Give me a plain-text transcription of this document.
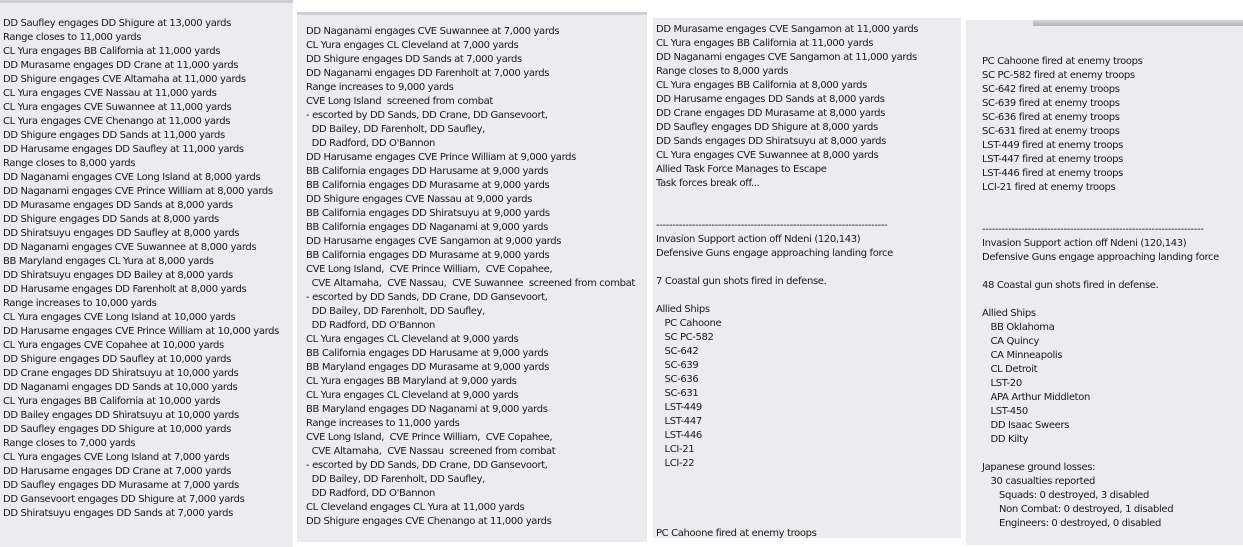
DD Saufley engages DD Shigure at 13,000 yards
Range closes to 11,000 yards
CL Yura engages BB California at 11,000 yards
DD Murasame engages DD Crane at 11,000 yards
DD Shigure engages CVE Altamaha at 11,000 yards
CL Yura engages CVE Nassau at 11,000 yards
CL Yura engages CVE Suwannee at 11,000 yards
CL Yura engages CVE Chenango at 11,000 yards
DD Shigure engages DD Sands at 11,000 yards
DD Harusame engages DD Saufley at 11,000 yards
Range closes to 8,000 yards
DD Naganami engages CVE Long Island at 8,000 yards
DD Naganami engages CVE Prince William at 8,000 yards
DD Murasame engages DD Sands at 8,000 yards
DD Shigure engages DD Sands at 8,000 yards
DD Shiratsuyu engages DD Saufley at 8,000 yards
DD Naganami engages CVE Suwannee at 8,000 yards
BB Maryland engages CL Yura at 8,000 yards
DD Shiratsuyu engages DD Bailey at 8,000 yards
DD Harusame engages DD Farenholt at 8,000 yards
Range increases to 10,000 yards
CL Yura engages CVE Long Island at 10,000 yards
DD Harusame engages CVE Prince William at 10,000 yards
CL Yura engages CVE Copahee at 10,000 yards
DD Shigure engages DD Saufley at 10,000 yards
DD Crane engages DD Shiratsuyu at 10,000 yards
DD Naganami engages DD Sands at 10,000 yards
CL Yura engages BB California at 10,000 yards
DD Bailey engages DD Shiratsuyu at 10,000 yards
DD Saufley engages DD Shigure at 10,000 yards
Range closes to 7,000 yards
CL Yura engages CVE Long Island at 7,000 yards
DD Harusame engages DD Crane at 7,000 yards
DD Saufley engages DD Murasame at 7,000 yards
DD Gansevoort engages DD Shigure at 7,000 yards
DD Shiratsuyu engages DD Sands at 7,000 yards
DD Naganami engages CVE Suwannee at 7,000 yards
CL Yura engages CL Cleveland at 7,000 yards
DD Shigure engages DD Sands at 7,000 yards
DD Naganami engages DD Farenholt at 7,000 yards
Range increases to 9,000 yards
CVE Long Island  screened from combat
- escorted by DD Sands, DD Crane, DD Gansevoort,
DD Bailey, DD Farenholt, DD Saufley,
DD Radford, DD O'Bannon
DD Harusame engages CVE Prince William at 9,000 yards
BB California engages DD Harusame at 9,000 yards
BB California engages DD Murasame at 9,000 yards
DD Shigure engages CVE Nassau at 9,000 yards
BB California engages DD Shiratsuyu at 9,000 yards
BB California engages DD Naganami at 9,000 yards
DD Harusame engages CVE Sangamon at 9,000 yards
BB California engages DD Murasame at 9,000 yards
CVE Long Island,  CVE Prince William,  CVE Copahee,
CVE Altamaha,  CVE Nassau,  CVE Suwannee  screened from combat
- escorted by DD Sands, DD Crane, DD Gansevoort,
DD Bailey, DD Farenholt, DD Saufley,
DD Radford, DD O'Bannon
CL Yura engages CL Cleveland at 9,000 yards
BB California engages DD Harusame at 9,000 yards
BB Maryland engages DD Murasame at 9,000 yards
CL Yura engages BB Maryland at 9,000 yards
CL Yura engages CL Cleveland at 9,000 yards
BB Maryland engages DD Naganami at 9,000 yards
Range increases to 11,000 yards
CVE Long Island,  CVE Prince William,  CVE Copahee,
CVE Altamaha,  CVE Nassau  screened from combat
- escorted by DD Sands, DD Crane, DD Gansevoort,
DD Bailey, DD Farenholt, DD Saufley,
DD Radford, DD O'Bannon
CL Cleveland engages CL Yura at 11,000 yards
DD Shigure engages CVE Chenango at 11,000 yards
DD Murasame engages CVE Sangamon at 11,000 yards
CL Yura engages BB California at 11,000 yards
DD Naganami engages CVE Sangamon at 11,000 yards
Range closes to 8,000 yards
CL Yura engages BB California at 8,000 yards
DD Harusame engages DD Sands at 8,000 yards
DD Crane engages DD Murasame at 8,000 yards
DD Saufley engages DD Shigure at 8,000 yards
DD Sands engages DD Shiratsuyu at 8,000 yards
CL Yura engages CVE Suwannee at 8,000 yards
Allied Task Force Manages to Escape
Task forces break off...
-----------------------------------------------------------------------
Invasion Support action off Ndeni (120,143)
Defensive Guns engage approaching landing force
7 Coastal gun shots fired in defense.
Allied Ships
PC Cahoone
SC PC-582
SC-642
SC-639
SC-636
SC-631
LST-449
LST-447
LST-446
LCI-21
LCI-22
PC Cahoone fired at enemy troops
PC Cahoone fired at enemy troops
SC PC-582 fired at enemy troops
SC-642 fired at enemy troops
SC-639 fired at enemy troops
SC-636 fired at enemy troops
SC-631 fired at enemy troops
LST-449 fired at enemy troops
LST-447 fired at enemy troops
LST-446 fired at enemy troops
LCI-21 fired at enemy troops
--------------------------------------------------------------------
Invasion Support action off Ndeni (120,143)
Defensive Guns engage approaching landing force
48 Coastal gun shots fired in defense.
Allied Ships
BB Oklahoma
CA Quincy
CA Minneapolis
CL Detroit
LST-20
APA Arthur Middleton
LST-450
DD Isaac Sweers
DD Kilty
Japanese ground losses:
30 casualties reported
Squads: 0 destroyed, 3 disabled
Non Combat: 0 destroyed, 1 disabled
Engineers: 0 destroyed, 0 disabled
